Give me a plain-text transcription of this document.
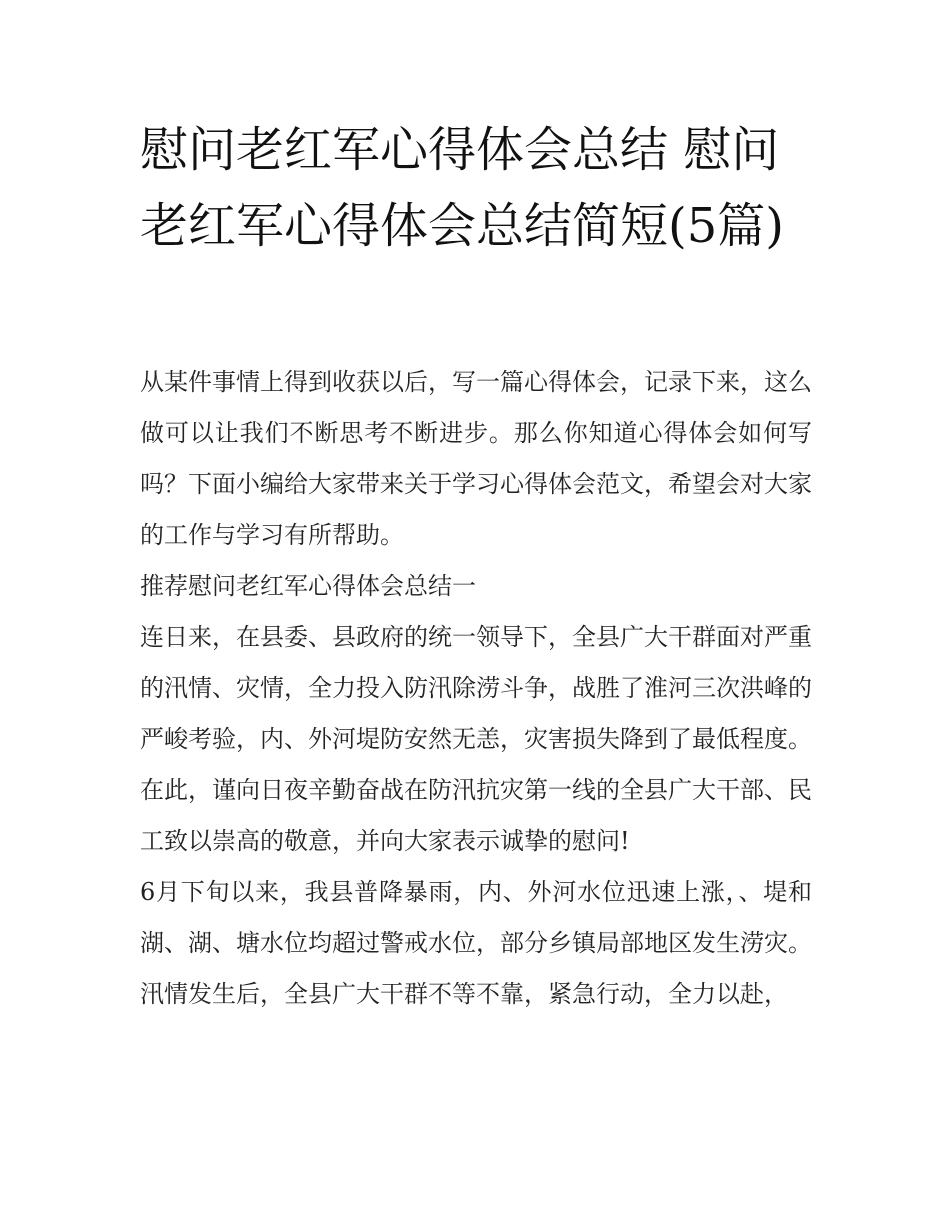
慰问老红军心得体会总结 慰问老红军心得体会总结简短(5篇)

从某件事情上得到收获以后，写一篇心得体会，记录下来，这么做可以让我们不断思考不断进步。那么你知道心得体会如何写吗？下面小编给大家带来关于学习心得体会范文，希望会对大家的工作与学习有所帮助。

推荐慰问老红军心得体会总结一

连日来，在县委、县政府的统一领导下，全县广大干群面对严重的汛情、灾情，全力投入防汛除涝斗争，战胜了淮河三次洪峰的严峻考验，内、外河堤防安然无恙，灾害损失降到了最低程度。

在此，谨向日夜辛勤奋战在防汛抗灾第一线的全县广大干部、民工致以崇高的敬意，并向大家表示诚挚的慰问!

6月下旬以来，我县普降暴雨，内、外河水位迅速上涨，、堤和湖、湖、塘水位均超过警戒水位，部分乡镇局部地区发生涝灾。

汛情发生后，全县广大干群不等不靠，紧急行动，全力以赴，
